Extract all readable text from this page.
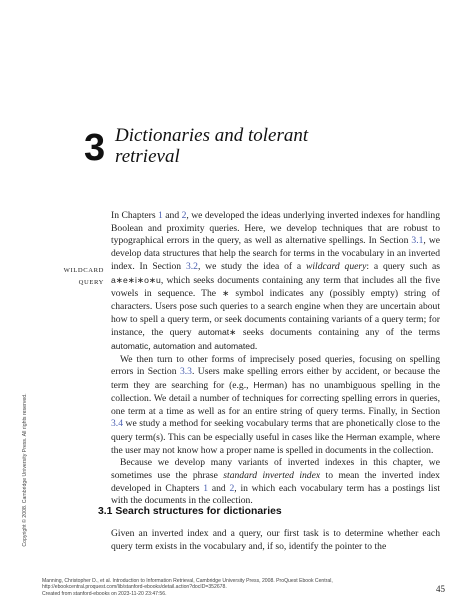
3 Dictionaries and tolerant
retrieval
WILDCARD
QUERY

In Chapters 1 and 2, we developed the ideas underlying inverted indexes for handling Boolean and proximity queries. Here, we develop techniques that are robust to typographical errors in the query, as well as alternative spellings. In Section 3.1, we develop data structures that help the search for terms in the vocabulary in an inverted index. In Section 3.2, we study the idea of a wildcard query: a query such as a∗e∗i∗o∗u, which seeks documents containing any term that includes all the five vowels in sequence. The ∗ symbol indicates any (possibly empty) string of characters. Users pose such queries to a search engine when they are uncertain about how to spell a query term, or seek documents containing variants of a query term; for instance, the query automat∗ seeks documents containing any of the terms automatic, automation and automated.

We then turn to other forms of imprecisely posed queries, focusing on spelling errors in Section 3.3. Users make spelling errors either by accident, or because the term they are searching for (e.g., Herman) has no unambiguous spelling in the collection. We detail a number of techniques for correcting spelling errors in queries, one term at a time as well as for an entire string of query terms. Finally, in Section 3.4 we study a method for seeking vocabulary terms that are phonetically close to the query term(s). This can be especially useful in cases like the Herman example, where the user may not know how a proper name is spelled in documents in the collection.

Because we develop many variants of inverted indexes in this chapter, we sometimes use the phrase standard inverted index to mean the inverted index developed in Chapters 1 and 2, in which each vocabulary term has a postings list with the documents in the collection.

Copyright © 2008. Cambridge University Press. All rights reserved.	3.1 Search structures for dictionaries

Given an inverted index and a query, our first task is to determine whether each query term exists in the vocabulary and, if so, identify the pointer to the

Manning, Christopher D., et al. Introduction to Information Retrieval, Cambridge University Press, 2008. ProQuest Ebook Central,
http://ebookcentral.proquest.com/lib/stanford-ebooks/detail.action?docID=352678.
Created from stanford-ebooks on 2023-11-20 23:47:56.	45
